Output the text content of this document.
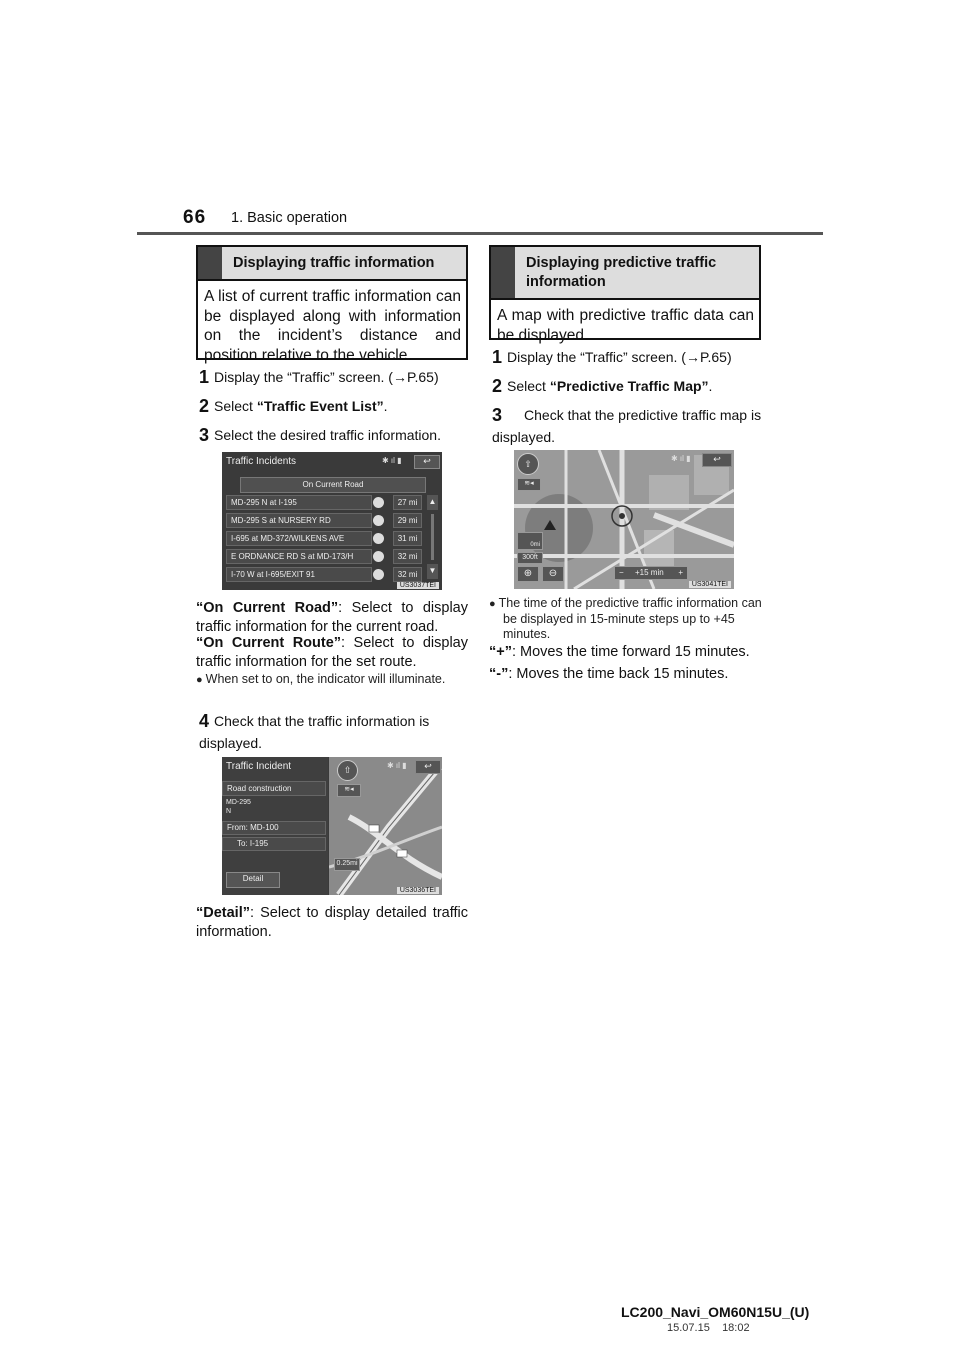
66 1. Basic operation
Displaying traffic information
A list of current traffic information can be displayed along with information on the incident’s distance and position relative to the vehicle.
1 Display the “Traffic” screen. (→P.65)
2 Select “Traffic Event List”.
3 Select the desired traffic information.
Traffic Incidents	✱ ıl ▮	↩
On Current Road
MD-295 N at I-195	27 mi
MD-295 S at NURSERY RD	29 mi
I-695 at MD-372/WILKENS AVE	31 mi
E ORDNANCE RD S at MD-173/H	32 mi
I-70 W at I-695/EXIT 91	32 mi
▲
▼
US3037TEI
“On Current Road”: Select to display traffic information for the current road.
“On Current Route”: Select to display traffic information for the set route.
● When set to on, the indicator will illuminate.
4 Check that the traffic information is displayed.
Traffic Incident
Road construction
MD-295
N
From: MD-100
To: I-195
Detail
⇧	✱ ıl ▮	↩
≋◂
0.25mi
US3036TEI
“Detail”: Select to display detailed traffic information.
Displaying predictive traffic information
A map with predictive traffic data can be displayed.
1 Display the “Traffic” screen. (→P.65)
2 Select “Predictive Traffic Map”.
3 Check that the predictive traffic map is displayed.
⇧
≋◂
✱ ıl ▮	↩
0mi
300ft
⊕	⊖	− +15 min +
US3041TEI
● The time of the predictive traffic information can be displayed in 15-minute steps up to +45 minutes.
“+”: Moves the time forward 15 minutes.
“-”: Moves the time back 15 minutes.
LC200_Navi_OM60N15U_(U)
15.07.15 18:02
